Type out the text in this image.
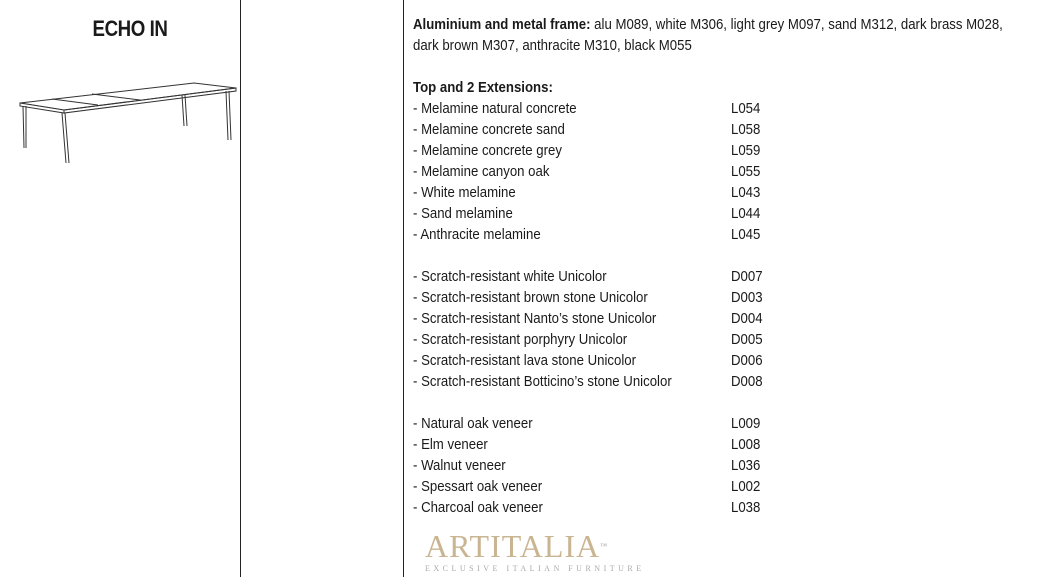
ECHO IN	Aluminium and metal frame: alu M089, white M306, light grey M097, sand M312, dark brass M028, dark brown M307, anthracite M310, black M055

Top and 2 Extensions:
- Melamine natural concrete	L054
- Melamine concrete sand	L058
- Melamine concrete grey	L059
- Melamine canyon oak	L055
- White melamine	L043
- Sand melamine	L044
- Anthracite melamine	L045
- Scratch-resistant white Unicolor	D007
- Scratch-resistant brown stone Unicolor	D003
- Scratch-resistant Nanto’s stone Unicolor	D004
- Scratch-resistant porphyry Unicolor	D005
- Scratch-resistant lava stone Unicolor	D006
- Scratch-resistant Botticino’s stone Unicolor	D008
- Natural oak veneer	L009
- Elm veneer	L008
- Walnut veneer	L036
- Spessart oak veneer	L002
- Charcoal oak veneer	L038
ARTITALIA™
EXCLUSIVE ITALIAN FURNITURE
